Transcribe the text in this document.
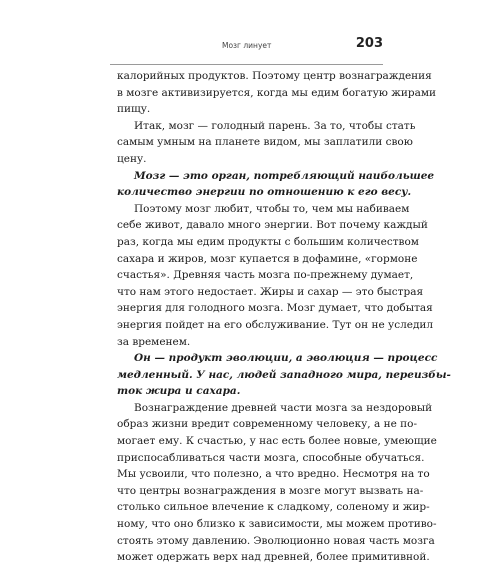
Мозг линует	203
калорийных продуктов. Поэтому центр вознаграждения
в мозге активизируется, когда мы едим богатую жирами
пищу.
Итак, мозг — голодный парень. За то, чтобы стать
самым умным на планете видом, мы заплатили свою
цену.
Мозг — это орган, потребляющий наибольшее
количество энергии по отношению к его весу.
Поэтому мозг любит, чтобы то, чем мы набиваем
себе живот, давало много энергии. Вот почему каждый
раз, когда мы едим продукты с большим количеством
сахара и жиров, мозг купается в дофамине, «гормоне
счастья». Древняя часть мозга по-прежнему думает,
что нам этого недостает. Жиры и сахар — это быстрая
энергия для голодного мозга. Мозг думает, что добытая
энергия пойдет на его обслуживание. Тут он не уследил
за временем.
Он — продукт эволюции, а эволюция — процесс
медленный. У нас, людей западного мира, переизбы-
ток жира и сахара.
Вознаграждение древней части мозга за нездоровый
образ жизни вредит современному человеку, а не по-
могает ему. К счастью, у нас есть более новые, умеющие
приспосабливаться части мозга, способные обучаться.
Мы усвоили, что полезно, а что вредно. Несмотря на то
что центры вознаграждения в мозге могут вызвать на-
столько сильное влечение к сладкому, соленому и жир-
ному, что оно близко к зависимости, мы можем противо-
стоять этому давлению. Эволюционно новая часть мозга
может одержать верх над древней, более примитивной.
